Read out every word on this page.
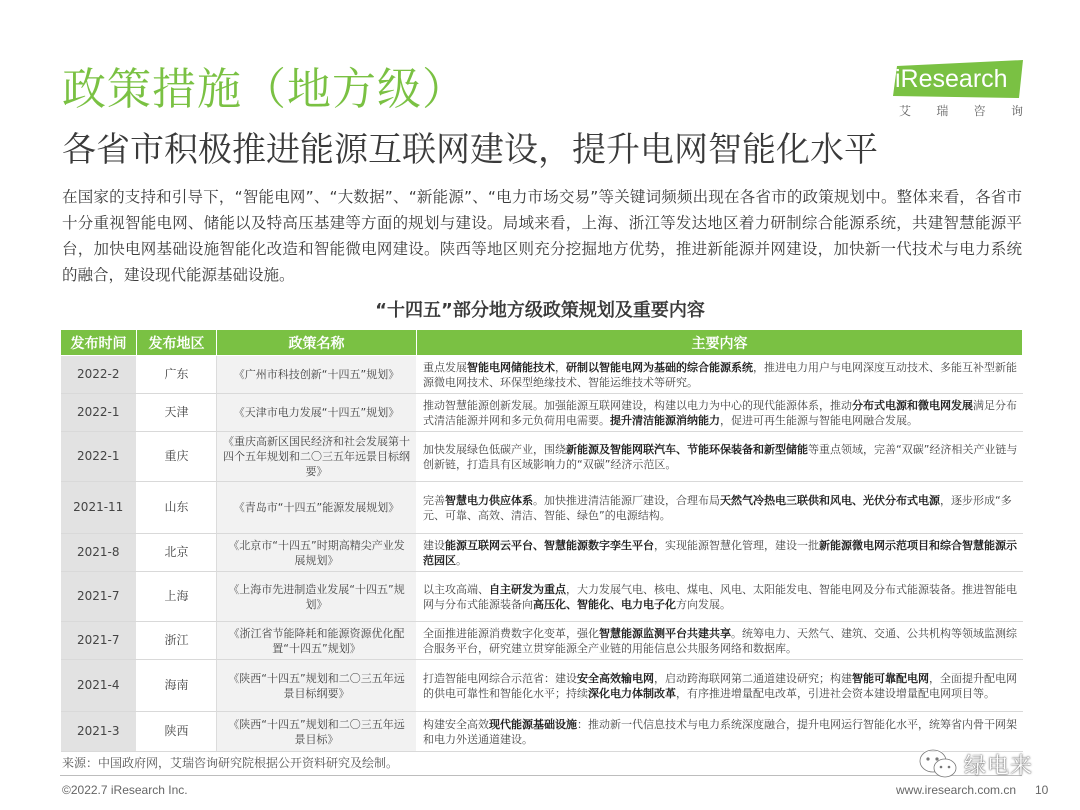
政策措施（地方级）
各省市积极推进能源互联网建设，提升电网智能化水平
iResearch
艾 瑞 咨 询
在国家的支持和引导下，“智能电网”、“大数据”、“新能源”、“电力市场交易”等关键词频频出现在各省市的政策规划中。整体来看，各省市十分重视智能电网、储能以及特高压基建等方面的规划与建设。局域来看，上海、浙江等发达地区着力研制综合能源系统，共建智慧能源平台，加快电网基础设施智能化改造和智能微电网建设。陕西等地区则充分挖掘地方优势，推进新能源并网建设，加快新一代技术与电力系统的融合，建设现代能源基础设施。
“十四五”部分地方级政策规划及重要内容
发布时间	发布地区	政策名称	主要内容
2022-2	广东	《广州市科技创新“十四五”规划》	重点发展智能电网储能技术，研制以智能电网为基础的综合能源系统，推进电力用户与电网深度互动技术、多能互补型新能源微电网技术、环保型绝缘技术、智能运维技术等研究。
2022-1	天津	《天津市电力发展“十四五”规划》	推动智慧能源创新发展。加强能源互联网建设，构建以电力为中心的现代能源体系，推动分布式电源和微电网发展满足分布式清洁能源并网和多元负荷用电需要。提升清洁能源消纳能力，促进可再生能源与智能电网融合发展。
2022-1	重庆	《重庆高新区国民经济和社会发展第十四个五年规划和二〇三五年远景目标纲要》	加快发展绿色低碳产业，围绕新能源及智能网联汽车、节能环保装备和新型储能等重点领域，完善“双碳”经济相关产业链与创新链，打造具有区域影响力的“双碳”经济示范区。
2021-11	山东	《青岛市“十四五”能源发展规划》	完善智慧电力供应体系。加快推进清洁能源厂建设，合理布局天然气冷热电三联供和风电、光伏分布式电源，逐步形成“多元、可靠、高效、清洁、智能、绿色”的电源结构。
2021-8	北京	《北京市“十四五”时期高精尖产业发展规划》	建设能源互联网云平台、智慧能源数字孪生平台，实现能源智慧化管理，建设一批新能源微电网示范项目和综合智慧能源示范园区。
2021-7	上海	《上海市先进制造业发展“十四五”规划》	以主攻高端、自主研发为重点，大力发展气电、核电、煤电、风电、太阳能发电、智能电网及分布式能源装备。推进智能电网与分布式能源装备向高压化、智能化、电力电子化方向发展。
2021-7	浙江	《浙江省节能降耗和能源资源优化配置“十四五”规划》	全面推进能源消费数字化变革，强化智慧能源监测平台共建共享。统筹电力、天然气、建筑、交通、公共机构等领域监测综合服务平台，研究建立贯穿能源全产业链的用能信息公共服务网络和数据库。
2021-4	海南	《陕西“十四五”规划和二〇三五年远景目标纲要》	打造智能电网综合示范省：建设安全高效输电网，启动跨海联网第二通道建设研究；构建智能可靠配电网，全面提升配电网的供电可靠性和智能化水平；持续深化电力体制改革，有序推进增量配电改革，引进社会资本建设增量配电网项目等。
2021-3	陕西	《陕西“十四五”规划和二〇三五年远景目标》	构建安全高效现代能源基础设施：推动新一代信息技术与电力系统深度融合，提升电网运行智能化水平，统筹省内骨干网架和电力外送通道建设。
来源：中国政府网，艾瑞咨询研究院根据公开资料研究及绘制。
©2022.7 iResearch Inc.	www.iresearch.com.cn 10
绿电来
